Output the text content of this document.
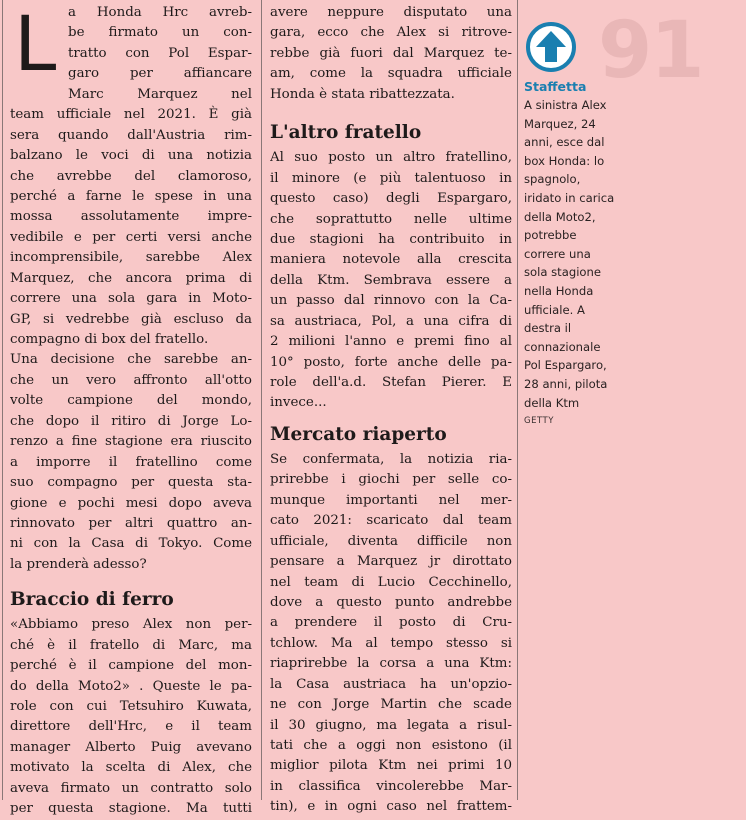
91
L a Honda Hrc avreb-
be firmato un con-
tratto con Pol Espar-
garo per affiancare
Marc Marquez nel
team ufficiale nel 2021. È già
sera quando dall'Austria rim-
balzano le voci di una notizia
che avrebbe del clamoroso,
perché a farne le spese in una
mossa assolutamente impre-
vedibile e per certi versi anche
incomprensibile, sarebbe Alex
Marquez, che ancora prima di
correre una sola gara in Moto-
GP, si vedrebbe già escluso da
compagno di box del fratello.
Una decisione che sarebbe an-
che un vero affronto all'otto
volte campione del mondo,
che dopo il ritiro di Jorge Lo-
renzo a fine stagione era riuscito
a imporre il fratellino come
suo compagno per questa sta-
gione e pochi mesi dopo aveva
rinnovato per altri quattro an-
ni con la Casa di Tokyo. Come
la prenderà adesso?
Braccio di ferro
«Abbiamo preso Alex non per-
ché è il fratello di Marc, ma
perché è il campione del mon-
do della Moto2» . Queste le pa-
role con cui Tetsuhiro Kuwata,
direttore dell'Hrc, e il team
manager Alberto Puig avevano
motivato la scelta di Alex, che
aveva firmato un contratto solo
per questa stagione. Ma tutti
avere neppure disputato una
gara, ecco che Alex si ritrove-
rebbe già fuori dal Marquez te-
am, come la squadra ufficiale
Honda è stata ribattezzata.
L'altro fratello
Al suo posto un altro fratellino,
il minore (e più talentuoso in
questo caso) degli Espargaro,
che soprattutto nelle ultime
due stagioni ha contribuito in
maniera notevole alla crescita
della Ktm. Sembrava essere a
un passo dal rinnovo con la Ca-
sa austriaca, Pol, a una cifra di
2 milioni l'anno e premi fino al
10° posto, forte anche delle pa-
role dell'a.d. Stefan Pierer. E
invece...
Mercato riaperto
Se confermata, la notizia ria-
prirebbe i giochi per selle co-
munque importanti nel mer-
cato 2021: scaricato dal team
ufficiale, diventa difficile non
pensare a Marquez jr dirottato
nel team di Lucio Cecchinello,
dove a questo punto andrebbe
a prendere il posto di Cru-
tchlow. Ma al tempo stesso si
riaprirebbe la corsa a una Ktm:
la Casa austriaca ha un'opzio-
ne con Jorge Martin che scade
il 30 giugno, ma legata a risul-
tati che a oggi non esistono (il
miglior pilota Ktm nei primi 10
in classifica vincolerebbe Mar-
tin), e in ogni caso nel frattem-
Staffetta
A sinistra Alex
Marquez, 24
anni, esce dal
box Honda: lo
spagnolo,
iridato in carica
della Moto2,
potrebbe
correre una
sola stagione
nella Honda
ufficiale. A
destra il
connazionale
Pol Espargaro,
28 anni, pilota
della Ktm
GETTY
